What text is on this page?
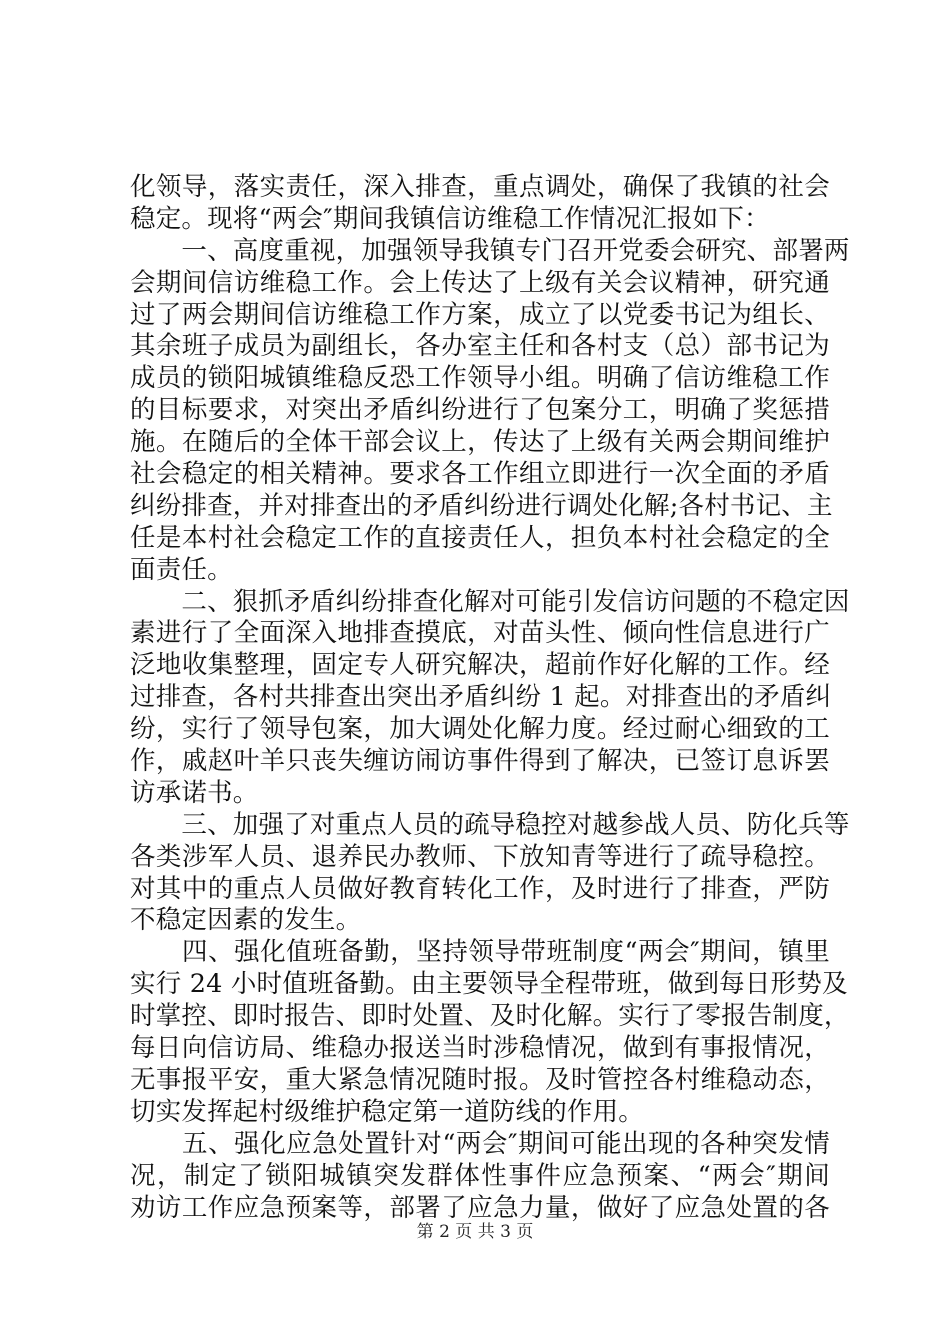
化领导，落实责任，深入排查，重点调处，确保了我镇的社会
稳定。现将“两会″期间我镇信访维稳工作情况汇报如下：
　　一、高度重视，加强领导我镇专门召开党委会研究、部署两
会期间信访维稳工作。会上传达了上级有关会议精神，研究通
过了两会期间信访维稳工作方案，成立了以党委书记为组长、
其余班子成员为副组长，各办室主任和各村支（总）部书记为
成员的锁阳城镇维稳反恐工作领导小组。明确了信访维稳工作
的目标要求，对突出矛盾纠纷进行了包案分工，明确了奖惩措
施。在随后的全体干部会议上，传达了上级有关两会期间维护
社会稳定的相关精神。要求各工作组立即进行一次全面的矛盾
纠纷排查，并对排查出的矛盾纠纷进行调处化解;各村书记、主
任是本村社会稳定工作的直接责任人，担负本村社会稳定的全
面责任。
　　二、狠抓矛盾纠纷排查化解对可能引发信访问题的不稳定因
素进行了全面深入地排查摸底，对苗头性、倾向性信息进行广
泛地收集整理，固定专人研究解决，超前作好化解的工作。经
过排查，各村共排查出突出矛盾纠纷 1 起。对排查出的矛盾纠
纷，实行了领导包案，加大调处化解力度。经过耐心细致的工
作，戚赵叶羊只丧失缠访闹访事件得到了解决，已签订息诉罢
访承诺书。
　　三、加强了对重点人员的疏导稳控对越参战人员、防化兵等
各类涉军人员、退养民办教师、下放知青等进行了疏导稳控。
对其中的重点人员做好教育转化工作，及时进行了排查，严防
不稳定因素的发生。
　　四、强化值班备勤，坚持领导带班制度“两会″期间，镇里
实行 24 小时值班备勤。由主要领导全程带班，做到每日形势及
时掌控、即时报告、即时处置、及时化解。实行了零报告制度，
每日向信访局、维稳办报送当时涉稳情况，做到有事报情况，
无事报平安，重大紧急情况随时报。及时管控各村维稳动态，
切实发挥起村级维护稳定第一道防线的作用。
　　五、强化应急处置针对“两会″期间可能出现的各种突发情
况，制定了锁阳城镇突发群体性事件应急预案、“两会″期间
劝访工作应急预案等，部署了应急力量，做好了应急处置的各
第 2 页 共 3 页
